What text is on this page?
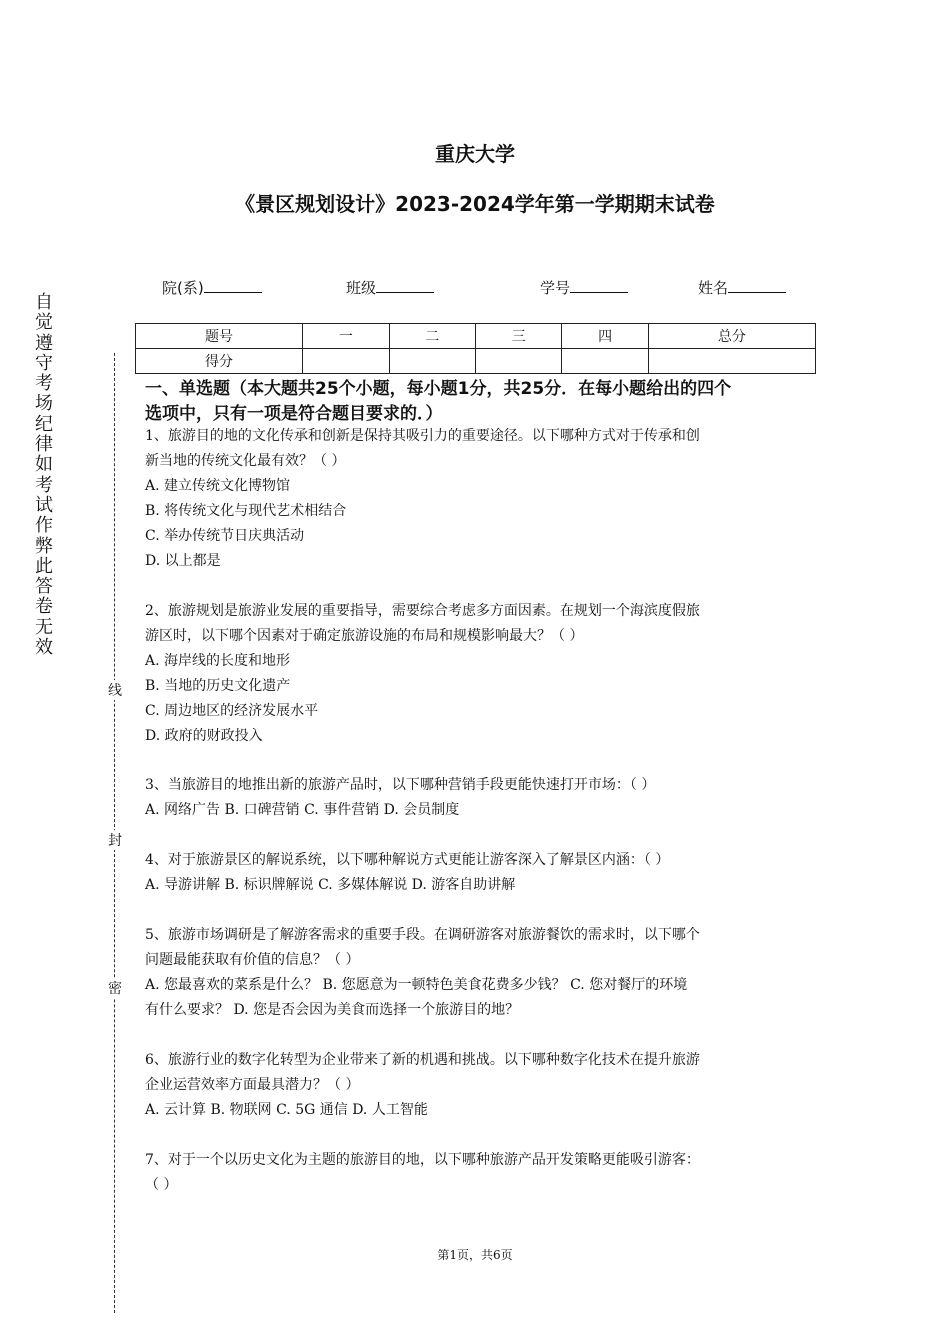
重庆大学
《景区规划设计》2023-2024学年第一学期期末试卷
院(系)	班级	学号	姓名
题号	一	二	三	四	总分
得分					
自觉遵守考场纪律如考试作弊此答卷无效
线
封
密
一、单选题（本大题共25个小题，每小题1分，共25分．在每小题给出的四个
选项中，只有一项是符合题目要求的．）

1、旅游目的地的文化传承和创新是保持其吸引力的重要途径。以下哪种方式对于传承和创

新当地的传统文化最有效？（ ）

A. 建立传统文化博物馆

B. 将传统文化与现代艺术相结合

C. 举办传统节日庆典活动

D. 以上都是

2、旅游规划是旅游业发展的重要指导，需要综合考虑多方面因素。在规划一个海滨度假旅

游区时，以下哪个因素对于确定旅游设施的布局和规模影响最大？（ ）

A. 海岸线的长度和地形

B. 当地的历史文化遗产

C. 周边地区的经济发展水平

D. 政府的财政投入

3、当旅游目的地推出新的旅游产品时，以下哪种营销手段更能快速打开市场：（ ）

A. 网络广告 B. 口碑营销 C. 事件营销 D. 会员制度

4、对于旅游景区的解说系统，以下哪种解说方式更能让游客深入了解景区内涵：（ ）

A. 导游讲解 B. 标识牌解说 C. 多媒体解说 D. 游客自助讲解

5、旅游市场调研是了解游客需求的重要手段。在调研游客对旅游餐饮的需求时，以下哪个

问题最能获取有价值的信息？（ ）

A. 您最喜欢的菜系是什么？ B. 您愿意为一顿特色美食花费多少钱？ C. 您对餐厅的环境

有什么要求？ D. 您是否会因为美食而选择一个旅游目的地？

6、旅游行业的数字化转型为企业带来了新的机遇和挑战。以下哪种数字化技术在提升旅游

企业运营效率方面最具潜力？（ ）

A. 云计算 B. 物联网 C. 5G 通信 D. 人工智能

7、对于一个以历史文化为主题的旅游目的地，以下哪种旅游产品开发策略更能吸引游客：

（ ）

第1页，共6页
